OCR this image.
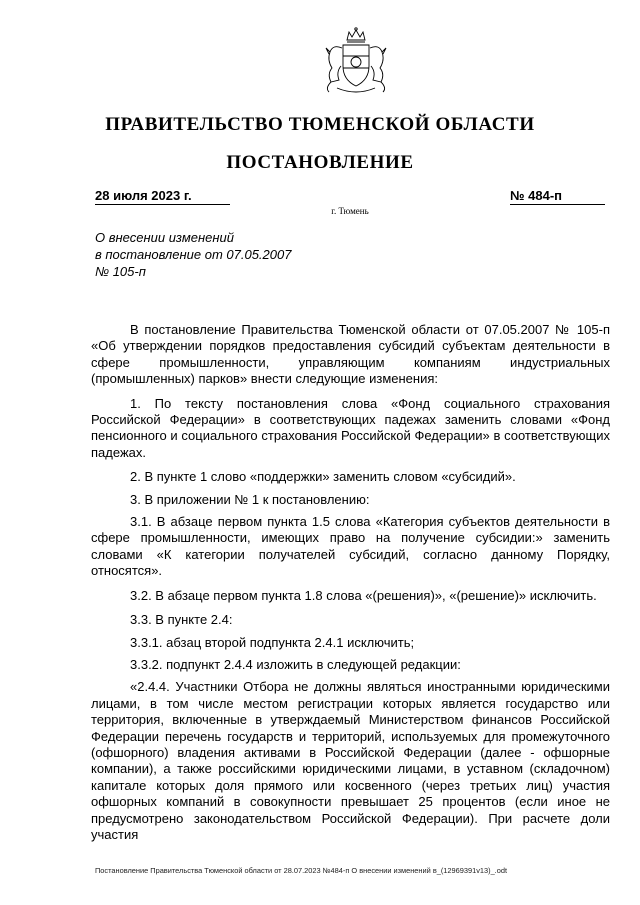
ПРАВИТЕЛЬСТВО ТЮМЕНСКОЙ ОБЛАСТИ
ПОСТАНОВЛЕНИЕ
28 июля 2023 г.	№ 484-п
г. Тюмень
О внесении изменений
в постановление от 07.05.2007
№ 105-п

В постановление Правительства Тюменской области от 07.05.2007 № 105-п «Об утверждении порядков предоставления субсидий субъектам деятельности в сфере промышленности, управляющим компаниям индустриальных (промышленных) парков» внести следующие изменения:

1. По тексту постановления слова «Фонд социального страхования Российской Федерации» в соответствующих падежах заменить словами «Фонд пенсионного и социального страхования Российской Федерации» в соответствующих падежах.

2. В пункте 1 слово «поддержки» заменить словом «субсидий».

3. В приложении № 1 к постановлению:

3.1. В абзаце первом пункта 1.5 слова «Категория субъектов деятельности в сфере промышленности, имеющих право на получение субсидии:» заменить словами «К категории получателей субсидий, согласно данному Порядку, относятся».

3.2. В абзаце первом пункта 1.8 слова «(решения)», «(решение)» исключить.

3.3. В пункте 2.4:

3.3.1. абзац второй подпункта 2.4.1 исключить;

3.3.2. подпункт 2.4.4 изложить в следующей редакции:

«2.4.4. Участники Отбора не должны являться иностранными юридическими лицами, в том числе местом регистрации которых является государство или территория, включенные в утверждаемый Министерством финансов Российской Федерации перечень государств и территорий, используемых для промежуточного (офшорного) владения активами в Российской Федерации (далее - офшорные компании), а также российскими юридическими лицами, в уставном (складочном) капитале которых доля прямого или косвенного (через третьих лиц) участия офшорных компаний в совокупности превышает 25 процентов (если иное не предусмотрено законодательством Российской Федерации). При расчете доли участия

Постановление Правительства Тюменской области от 28.07.2023 №484-п О внесении изменений в_(12969391v13)_.odt
